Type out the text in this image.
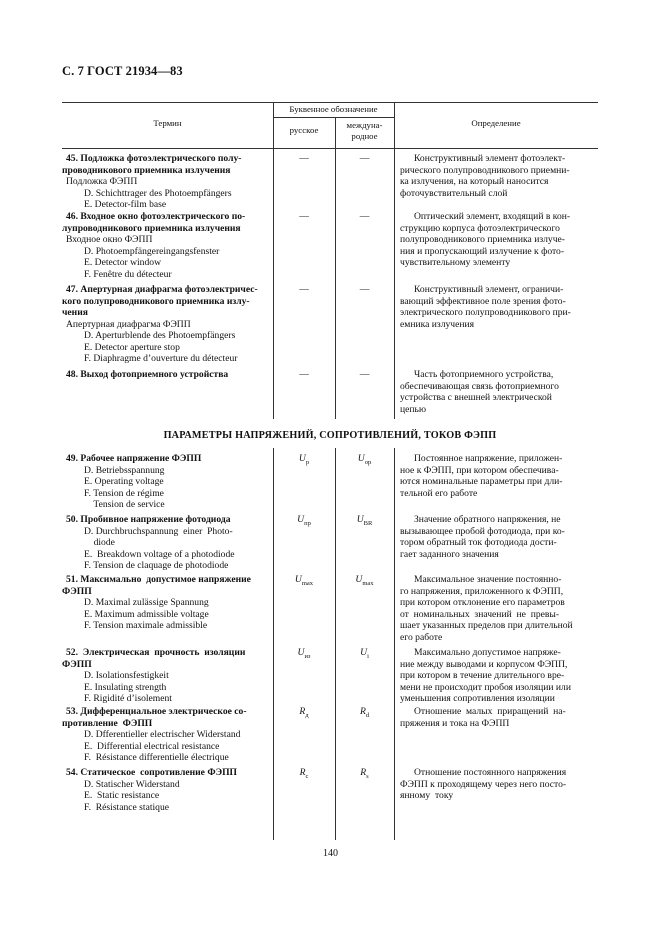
С. 7 ГОСТ 21934—83
Термин
Буквенное обозначение
русское	междуна-
родное
Определение
45. Подложка фотоэлектрического полу-
проводникового приемника излучения
Подложка ФЭПП
D. Schichttrager des Photoempfängers
E. Detector-film base
—	—	Конструктивный элемент фотоэлект-
рического полупроводникового приемни-
ка излучения, на который наносится
фоточувствительный слой
46. Входное окно фотоэлектрического по-
лупроводникового приемника излучения
Входное окно ФЭПП
D. Photoempfängereingangsfenster
E. Detector window
F. Fenêtre du détecteur
—	—	Оптический элемент, входящий в кон-
струкцию корпуса фотоэлектрического
полупроводникового приемника излуче-
ния и пропускающий излучение к фото-
чувствительному элементу
47. Апертурная диафрагма фотоэлектричес-
кого полупроводникового приемника излу-
чения
Апертурная диафрагма ФЭПП
D. Aperturblende des Photoempfängers
E. Detector aperture stop
F. Diaphragme d’ouverture du détecteur
—	—	Конструктивный элемент, ограничи-
вающий эффективное поле зрения фото-
электрического полупроводникового при-
емника излучения
48. Выход фотоприемного устройства	—	—	Часть фотоприемного устройства,
обеспечивающая связь фотоприемного
устройства с внешней электрической
цепью
ПАРАМЕТРЫ НАПРЯЖЕНИЙ, СОПРОТИВЛЕНИЙ, ТОКОВ ФЭПП
49. Рабочее напряжение ФЭПП
D. Betriebsspannung
E. Operating voltage
F. Tension de régime
Tension de service
$U_р$	$U_{op}$	Постоянное напряжение, приложен-
ное к ФЭПП, при котором обеспечива-
ются номинальные параметры при дли-
тельной его работе
50. Пробивное напряжение фотодиода
D. Durchbruchspannung  einer  Photo-
diode
E.  Breakdown voltage of a photodiode
F. Tension de claquage de photodiode
$U_{пр}$	$U_{BR}$	Значение обратного напряжения, не
вызывающее пробой фотодиода, при ко-
тором обратный ток фотодиода дости-
гает заданного значения
51. Максимально  допустимое напряжение
ФЭПП
D. Maximal zulässige Spannung
E. Maximum admissible voltage
F. Tension maximale admissible
$U_{max}$	$U_{max}$	Максимальное значение постоянно-
го напряжения, приложенного к ФЭПП,
при котором отклонение его параметров
от  номинальных  значений  не  превы-
шает указанных пределов при длительной
его работе
52.  Электрическая  прочность  изоляции
ФЭПП
D. Isolationsfestigkeit
E. Insulating strength
F. Rigidité d’isolement
$U_{из}$	$U_i$	Максимально допустимое напряже-
ние между выводами и корпусом ФЭПП,
при котором в течение длительного вре-
мени не происходит пробоя изоляции или
уменьшения сопротивления изоляции
53. Дифференциальное электрическое со-
противление  ФЭПП
D. Dfferentieller electrischer Widerstand
E.  Differential electrical resistance
F.  Résistance differentielle électrique
$R_д$	$R_d$	Отношение  малых  приращений  на-
пряжения и тока на ФЭПП
54. Статическое  сопротивление ФЭПП
D. Statischer Widerstand
E.  Static resistance
F.  Résistance statique
$R_с$	$R_s$	Отношение постоянного напряжения
ФЭПП к проходящему через него посто-
янному  току
140
